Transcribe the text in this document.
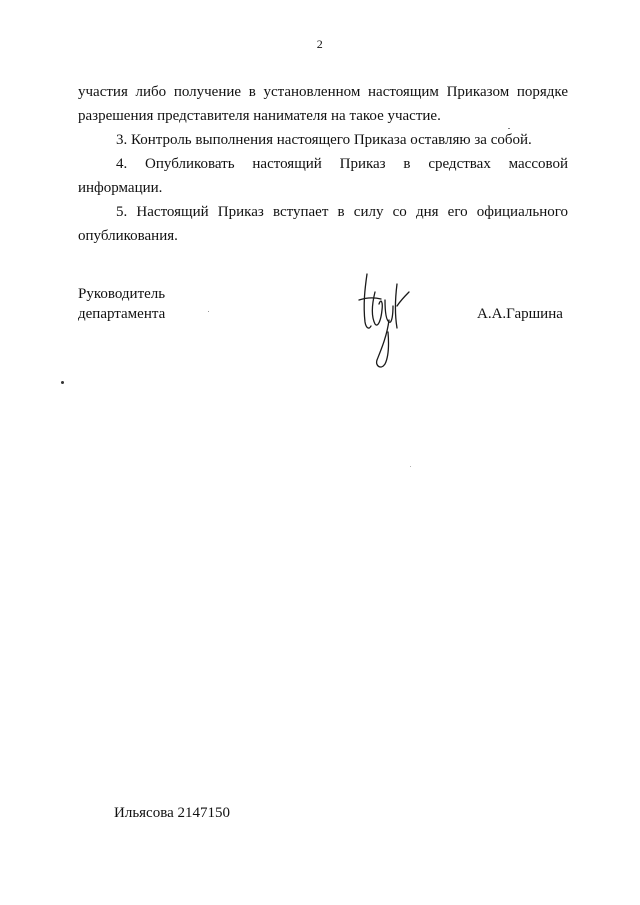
2

участия либо получение в установленном настоящим Приказом порядке разрешения представителя нанимателя на такое участие.

3. Контроль выполнения настоящего Приказа оставляю за собой.

4. Опубликовать настоящий Приказ в средствах массовой информации.

5. Настоящий Приказ вступает в силу со дня его официального опубликования.

Руководитель
департамента	А.А.Гаршина
Ильясова 2147150
